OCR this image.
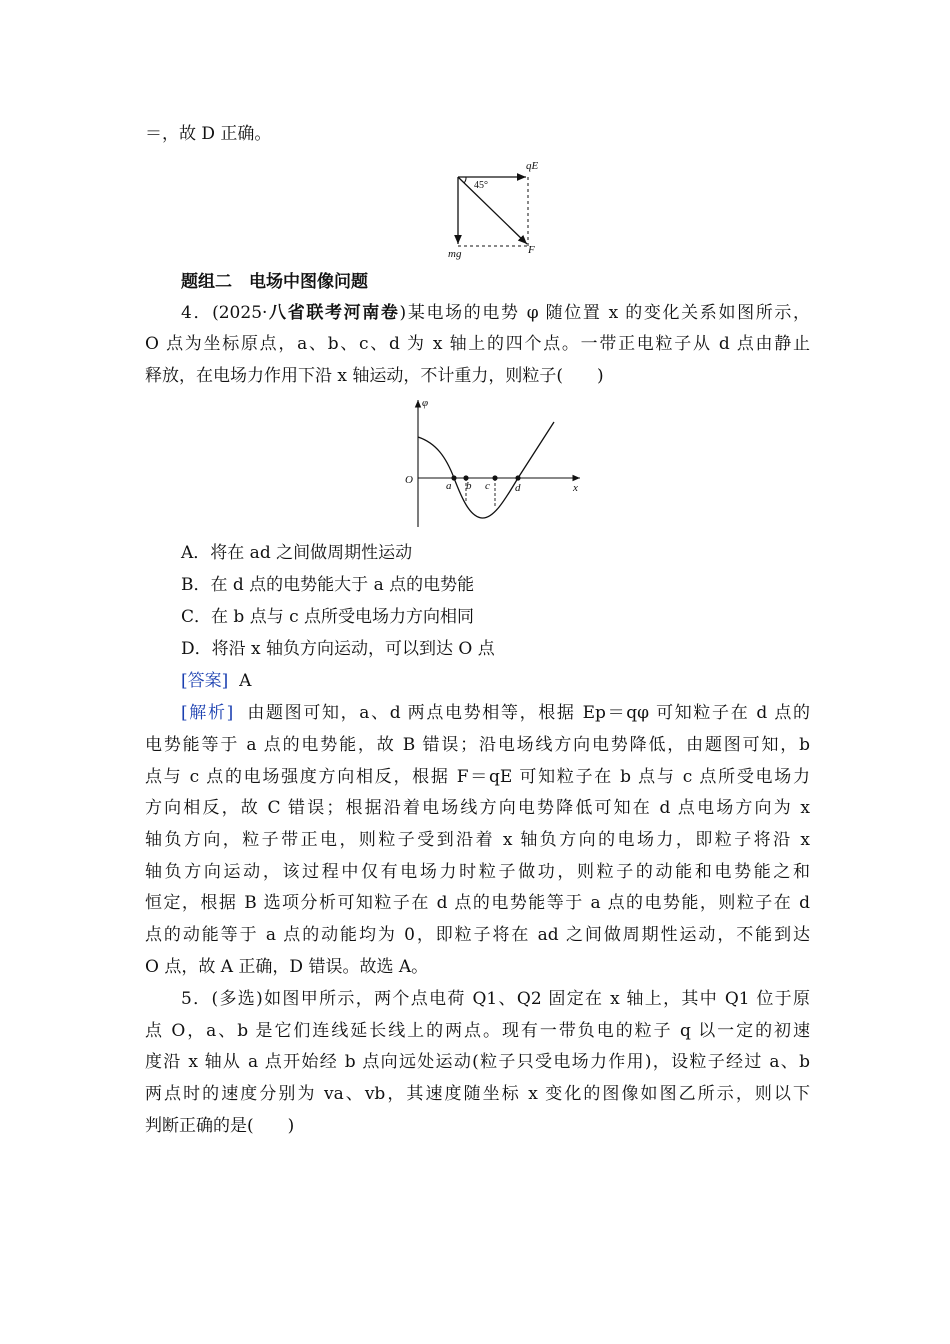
＝，故 D 正确。
qE
45°
mg	F
题组二　电场中图像问题
4．(2025·八省联考河南卷)某电场的电势 φ 随位置 x 的变化关系如图所示，
O 点为坐标原点，a、b、c、d 为 x 轴上的四个点。一带正电粒子从 d 点由静止
释放，在电场力作用下沿 x 轴运动，不计重力，则粒子(　　)
φ
O	a b c d	x
A．将在 ad 之间做周期性运动
B．在 d 点的电势能大于 a 点的电势能
C．在 b 点与 c 点所受电场力方向相同
D．将沿 x 轴负方向运动，可以到达 O 点
[答案] A
[解析] 由题图可知，a、d 两点电势相等，根据 Ep＝qφ 可知粒子在 d 点的
电势能等于 a 点的电势能，故 B 错误；沿电场线方向电势降低，由题图可知，b
点与 c 点的电场强度方向相反，根据 F＝qE 可知粒子在 b 点与 c 点所受电场力
方向相反，故 C 错误；根据沿着电场线方向电势降低可知在 d 点电场方向为 x
轴负方向，粒子带正电，则粒子受到沿着 x 轴负方向的电场力，即粒子将沿 x
轴负方向运动，该过程中仅有电场力时粒子做功，则粒子的动能和电势能之和
恒定，根据 B 选项分析可知粒子在 d 点的电势能等于 a 点的电势能，则粒子在 d
点的动能等于 a 点的动能均为 0，即粒子将在 ad 之间做周期性运动，不能到达
O 点，故 A 正确，D 错误。故选 A。
5．(多选)如图甲所示，两个点电荷 Q1、Q2 固定在 x 轴上，其中 Q1 位于原
点 O，a、b 是它们连线延长线上的两点。现有一带负电的粒子 q 以一定的初速
度沿 x 轴从 a 点开始经 b 点向远处运动(粒子只受电场力作用)，设粒子经过 a、b
两点时的速度分别为 va、vb，其速度随坐标 x 变化的图像如图乙所示，则以下
判断正确的是(　　)
